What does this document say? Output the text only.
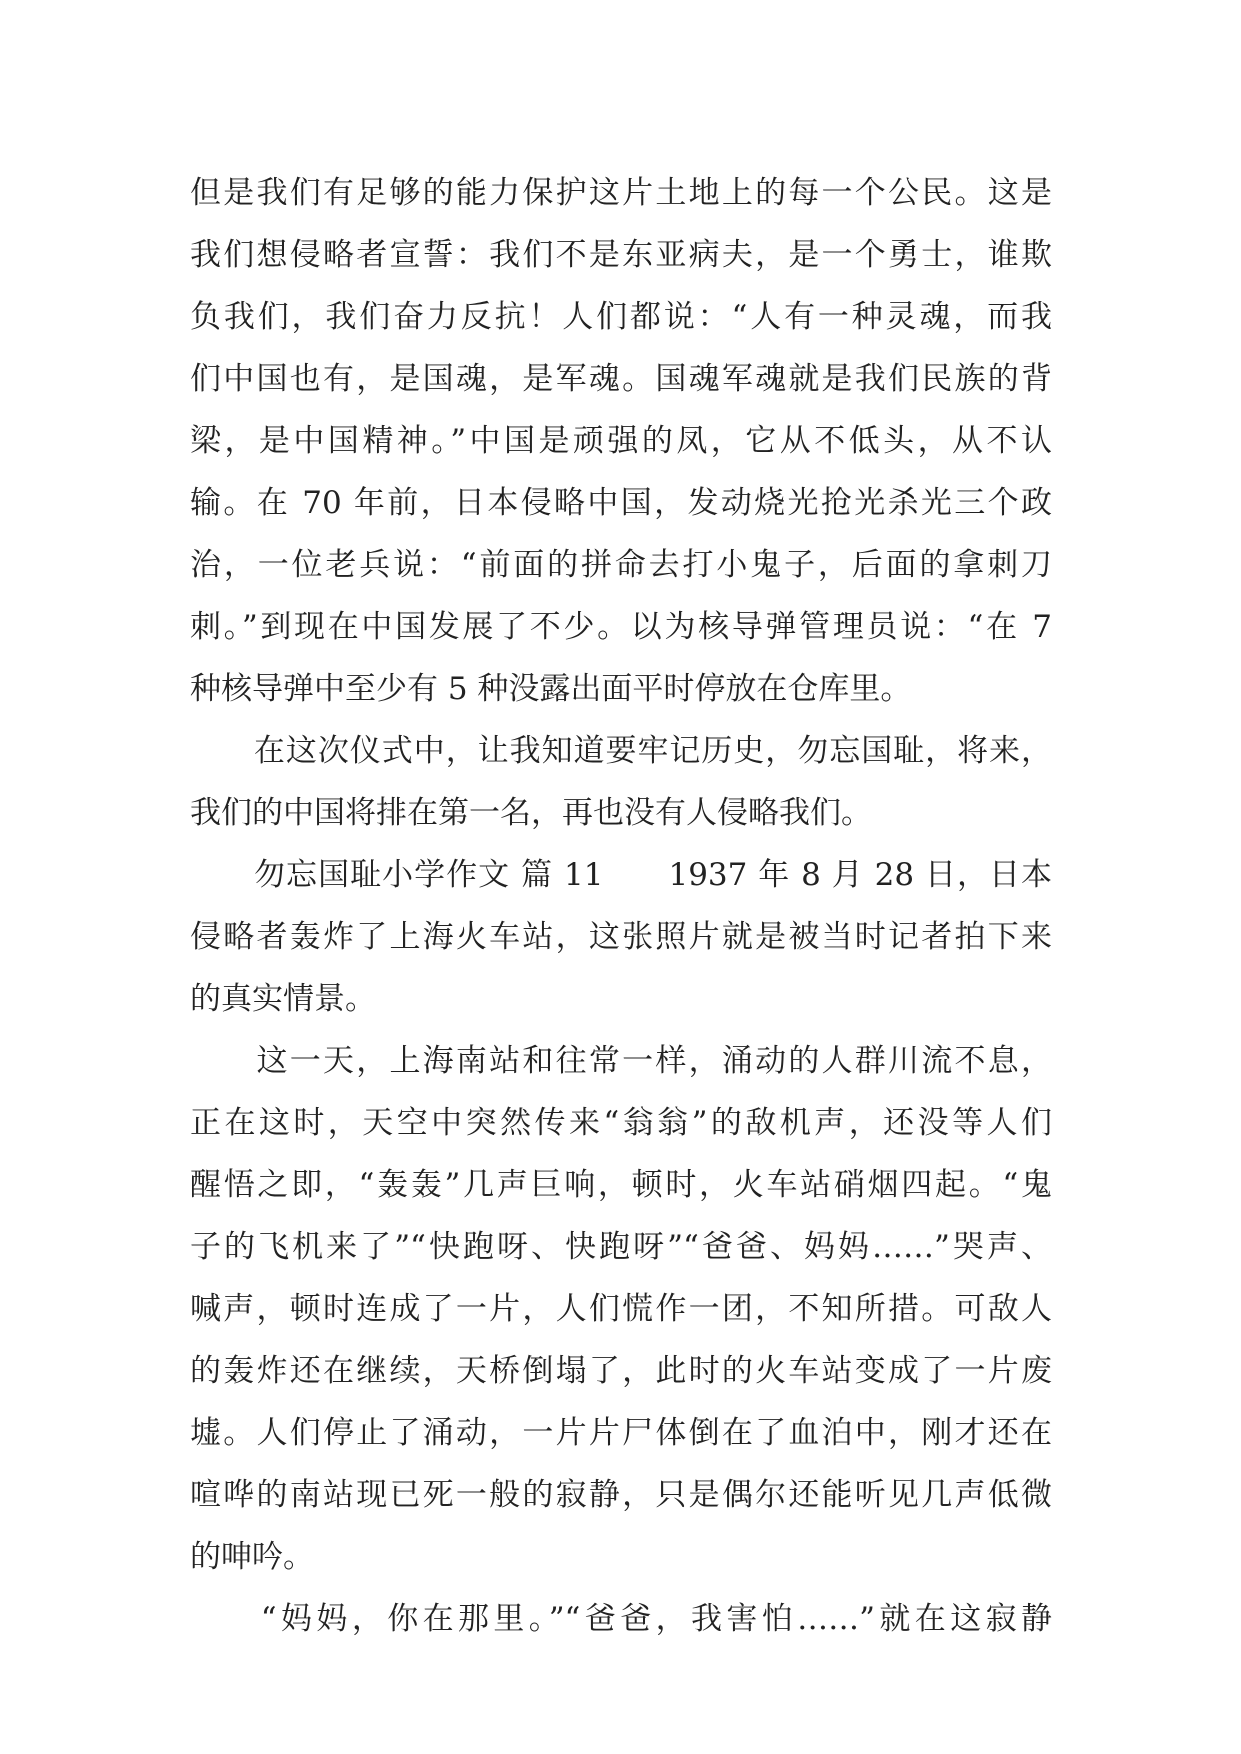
但是我们有足够的能力保护这片土地上的每一个公民。这是
我们想侵略者宣誓：我们不是东亚病夫，是一个勇士，谁欺
负我们，我们奋力反抗！人们都说：“人有一种灵魂，而我
们中国也有，是国魂，是军魂。国魂军魂就是我们民族的背
梁，是中国精神。”中国是顽强的凤，它从不低头，从不认
输。在 70 年前，日本侵略中国，发动烧光抢光杀光三个政
治，一位老兵说：“前面的拼命去打小鬼子，后面的拿刺刀
刺。”到现在中国发展了不少。以为核导弹管理员说：“在 7
种核导弹中至少有 5 种没露出面平时停放在仓库里。
　　在这次仪式中，让我知道要牢记历史，勿忘国耻，将来，
我们的中国将排在第一名，再也没有人侵略我们。
　　勿忘国耻小学作文 篇 11　　1937 年 8 月 28 日，日本
侵略者轰炸了上海火车站，这张照片就是被当时记者拍下来
的真实情景。
　　这一天，上海南站和往常一样，涌动的人群川流不息，
正在这时，天空中突然传来“翁翁”的敌机声，还没等人们
醒悟之即，“轰轰”几声巨响，顿时，火车站硝烟四起。“鬼
子的飞机来了”“快跑呀、快跑呀”“爸爸、妈妈……”哭声、
喊声，顿时连成了一片，人们慌作一团，不知所措。可敌人
的轰炸还在继续，天桥倒塌了，此时的火车站变成了一片废
墟。人们停止了涌动，一片片尸体倒在了血泊中，刚才还在
喧哗的南站现已死一般的寂静，只是偶尔还能听见几声低微
的呻吟。
　　“妈妈，你在那里。”“爸爸，我害怕……”就在这寂静
